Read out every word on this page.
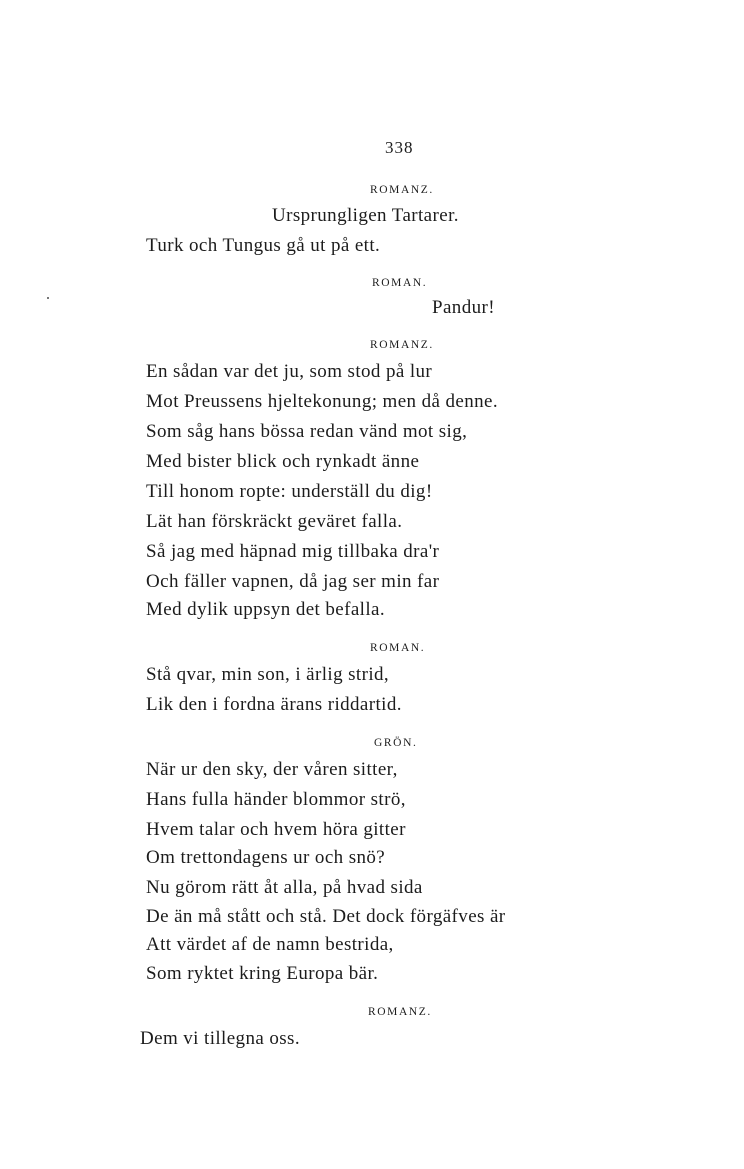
338
ROMANZ.
Ursprungligen Tartarer.
Turk och Tungus gå ut på ett.
ROMAN.
Pandur!
ROMANZ.
En sådan var det ju, som stod på lur
Mot Preussens hjeltekonung; men då denne.
Som såg hans bössa redan vänd mot sig,
Med bister blick och rynkadt änne
Till honom ropte: underställ du dig!
Lät han förskräckt geväret falla.
Så jag med häpnad mig tillbaka dra'r
Och fäller vapnen, då jag ser min far
Med dylik uppsyn det befalla.
ROMAN.
Stå qvar, min son, i ärlig strid,
Lik den i fordna ärans riddartid.
GRÖN.
När ur den sky, der våren sitter,
Hans fulla händer blommor strö,
Hvem talar och hvem höra gitter
Om trettondagens ur och snö?
Nu görom rätt åt alla, på hvad sida
De än må stått och stå. Det dock förgäfves är
Att värdet af de namn bestrida,
Som ryktet kring Europa bär.
ROMANZ.
Dem vi tillegna oss.
